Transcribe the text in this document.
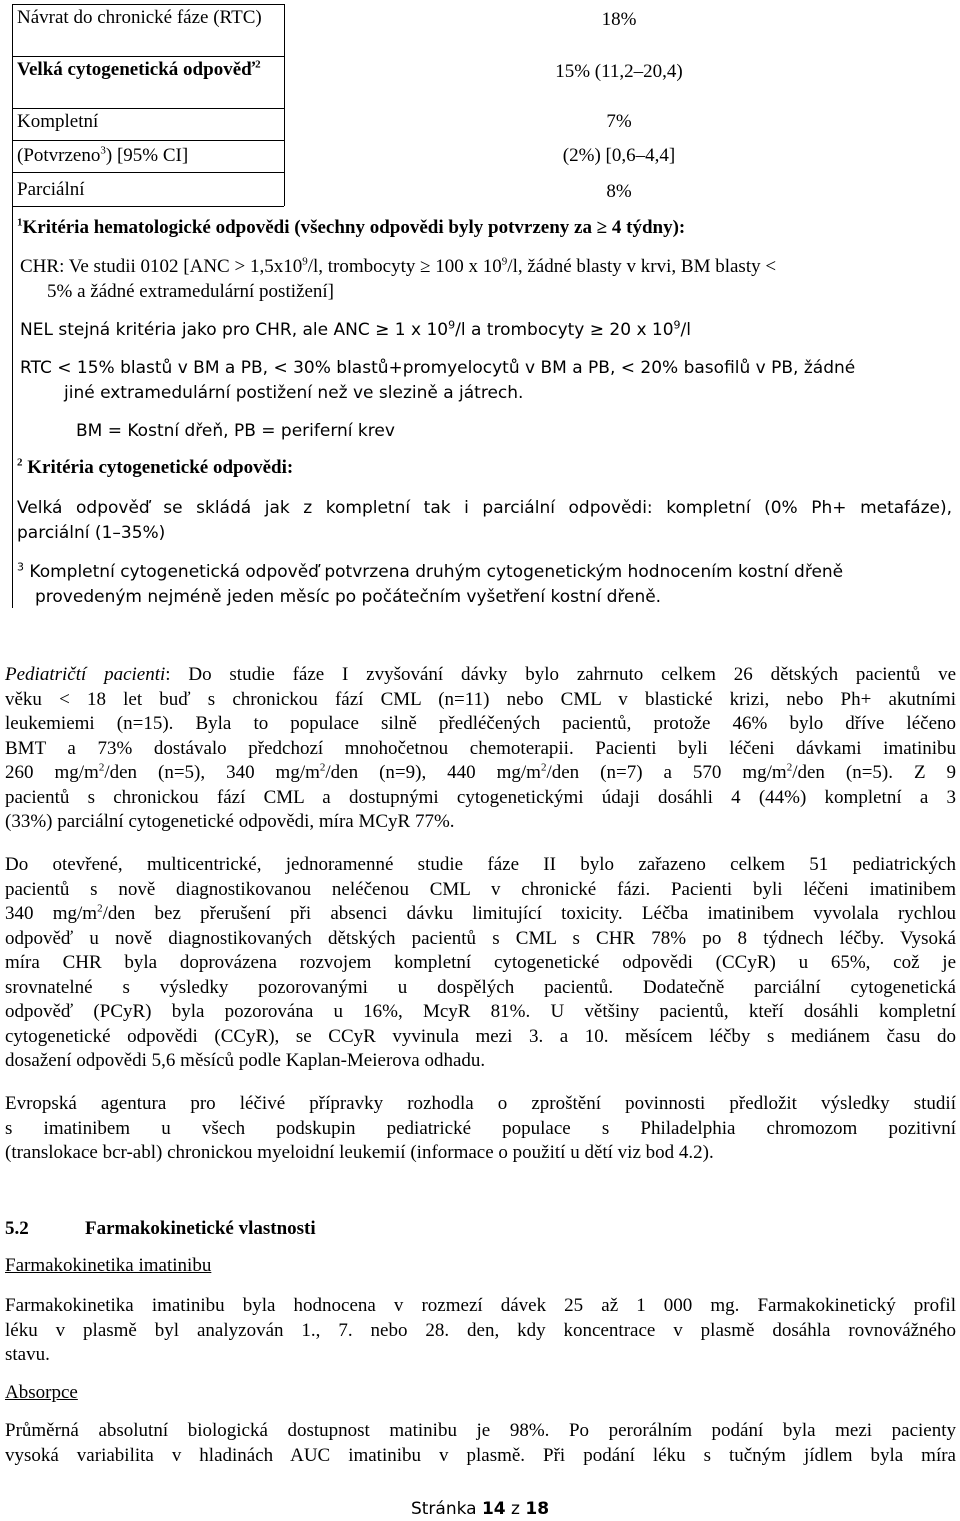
Návrat do chronické fáze (RTC)	18%
Velká cytogenetická odpověď$^2$	15% (11,2–20,4)
Kompletní	7%
(Potvrzeno$^3$) [95% CI]	(2%) [0,6–4,4]
Parciální	8%
$^1$Kritéria hematologické odpovědi (všechny odpovědi byly potvrzeny za ≥ 4 týdny):
CHR: Ve studii 0102 [$ANC > 1,5x10^9/l$, trombocyty ≥ 100 x $10^9/l$, žádné blasty v krvi, BM blasty <
5% a žádné extramedulární postižení]
NEL stejná kritéria jako pro CHR, ale ANC ≥ 1 x $10^9/l$ a trombocyty ≥ 20 x $10^9/l$
RTC < 15% blastů v BM a PB, < 30% blastů+promyelocytů v BM a PB, < 20% basofilů v PB, žádné
jiné extramedulární postižení než ve slezině a játrech.
BM = Kostní dřeň, PB = periferní krev
$^2$ Kritéria cytogenetické odpovědi:
Velká odpověď se skládá jak z kompletní tak i parciální odpovědi: kompletní (0% Ph+ metafáze),
parciální (1–35%)
$^3$ Kompletní cytogenetická odpověď potvrzena druhým cytogenetickým hodnocením kostní dřeně
provedeným nejméně jeden měsíc po počátečním vyšetření kostní dřeně.
Pediatričtí pacienti: Do studie fáze I zvyšování dávky bylo zahrnuto celkem 26 dětských pacientů ve
věku < 18 let buď s chronickou fází CML (n=11) nebo CML v blastické krizi, nebo Ph+ akutními
leukemiemi (n=15). Byla to populace silně předléčených pacientů, protože 46% bylo dříve léčeno
BMT a 73% dostávalo předchozí mnohočetnou chemoterapii. Pacienti byli léčeni dávkami imatinibu
260 $mg/m^2$/den (n=5), 340 $mg/m^2$/den (n=9), 440 $mg/m^2$/den (n=7) a 570 $mg/m^2$/den (n=5). Z 9
pacientů s chronickou fází CML a dostupnými cytogenetickými údaji dosáhli 4 (44%) kompletní a 3
(33%) parciální cytogenetické odpovědi, míra MCyR 77%.
Do otevřené, multicentrické, jednoramenné studie fáze II bylo zařazeno celkem 51 pediatrických
pacientů s nově diagnostikovanou neléčenou CML v chronické fázi. Pacienti byli léčeni imatinibem
340 $mg/m^2$/den bez přerušení při absenci dávku limitující toxicity. Léčba imatinibem vyvolala rychlou
odpověď u nově diagnostikovaných dětských pacientů s CML s CHR 78% po 8 týdnech léčby. Vysoká
míra CHR byla doprovázena rozvojem kompletní cytogenetické odpovědi (CCyR) u 65%, což je
srovnatelné s výsledky pozorovanými u dospělých pacientů. Dodatečně parciální cytogenetická
odpověď (PCyR) byla pozorována u 16%, McyR 81%. U většiny pacientů, kteří dosáhli kompletní
cytogenetické odpovědi (CCyR), se CCyR vyvinula mezi 3. a 10. měsícem léčby s mediánem času do
dosažení odpovědi 5,6 měsíců podle Kaplan-Meierova odhadu.
Evropská agentura pro léčivé přípravky rozhodla o zproštění povinnosti předložit výsledky studií
s imatinibem u všech podskupin pediatrické populace s Philadelphia chromozom pozitivní
(translokace bcr-abl) chronickou myeloidní leukemií (informace o použití u dětí viz bod 4.2).
5.2	Farmakokinetické vlastnosti
Farmakokinetika imatinibu
Farmakokinetika imatinibu byla hodnocena v rozmezí dávek 25 až 1 000 mg. Farmakokinetický profil
léku v plasmě byl analyzován 1., 7. nebo 28. den, kdy koncentrace v plasmě dosáhla rovnovážného
stavu.
Absorpce
Průměrná absolutní biologická dostupnost matinibu je 98%. Po perorálním podání byla mezi pacienty
vysoká variabilita v hladinách AUC imatinibu v plasmě. Při podání léku s tučným jídlem byla míra
Stránka 14 z 18
